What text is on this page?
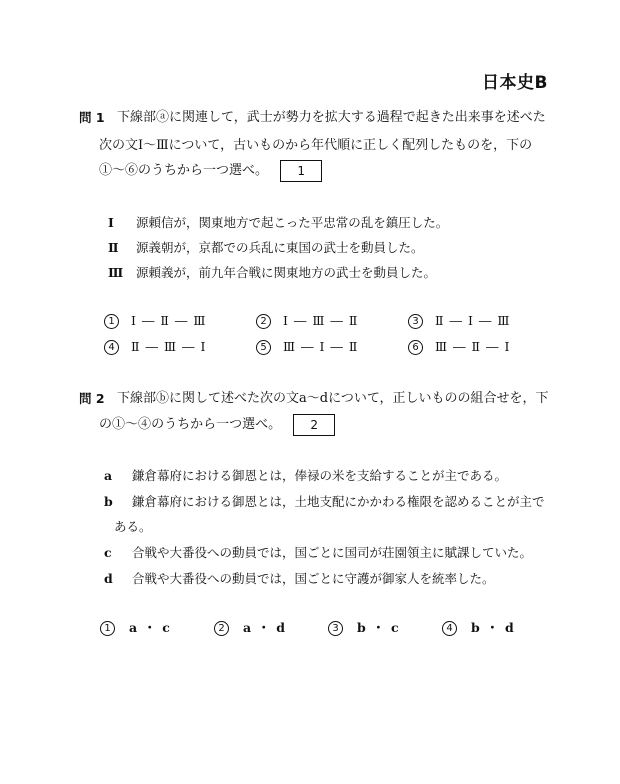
日本史B
問 1 下線部ⓐに関連して，武士が勢力を拡大する過程で起きた出来事を述べた
次の文Ⅰ～Ⅲについて，古いものから年代順に正しく配列したものを，下の
①～⑥のうちから一つ選べ。 1
Ⅰ 源頼信が，関東地方で起こった平忠常の乱を鎮圧した。
Ⅱ 源義朝が，京都での兵乱に東国の武士を動員した。
Ⅲ 源頼義が，前九年合戦に関東地方の武士を動員した。
1 Ⅰ ― Ⅱ ― Ⅲ	2 Ⅰ ― Ⅲ ― Ⅱ	3 Ⅱ ― Ⅰ ― Ⅲ
4 Ⅱ ― Ⅲ ― Ⅰ	5 Ⅲ ― Ⅰ ― Ⅱ	6 Ⅲ ― Ⅱ ― Ⅰ
問 2 下線部ⓑに関して述べた次の文a～dについて，正しいものの組合せを，下
の①～④のうちから一つ選べ。 2
a 鎌倉幕府における御恩とは，俸禄の米を支給することが主である。
b 鎌倉幕府における御恩とは，土地支配にかかわる権限を認めることが主で
ある。
c 合戦や大番役への動員では，国ごとに国司が荘園領主に賦課していた。
d 合戦や大番役への動員では，国ごとに守護が御家人を統率した。
1 a ・ c	2 a ・ d	3 b ・ c	4 b ・ d
